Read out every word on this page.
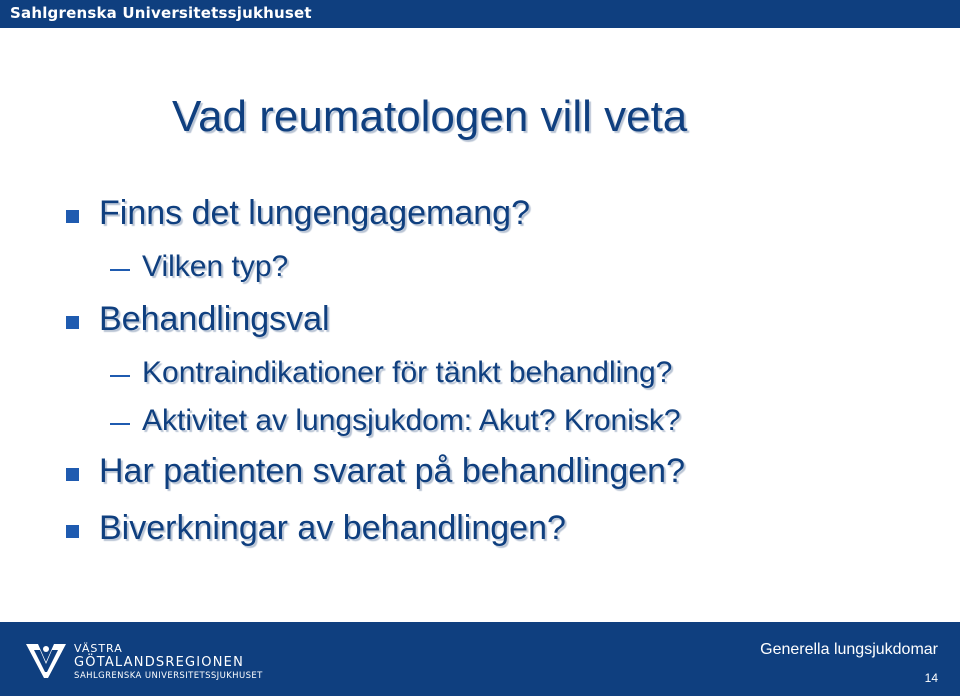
Sahlgrenska Universitetssjukhuset
Vad reumatologen vill veta
Finns det lungengagemang?
Vilken typ?
Behandlingsval
Kontraindikationer för tänkt behandling?
Aktivitet av lungsjukdom: Akut? Kronisk?
Har patienten svarat på behandlingen?
Biverkningar av behandlingen?
VÄSTRA
GÖTALANDSREGIONEN
SAHLGRENSKA UNIVERSITETSSJUKHUSET
Generella lungsjukdomar
14
